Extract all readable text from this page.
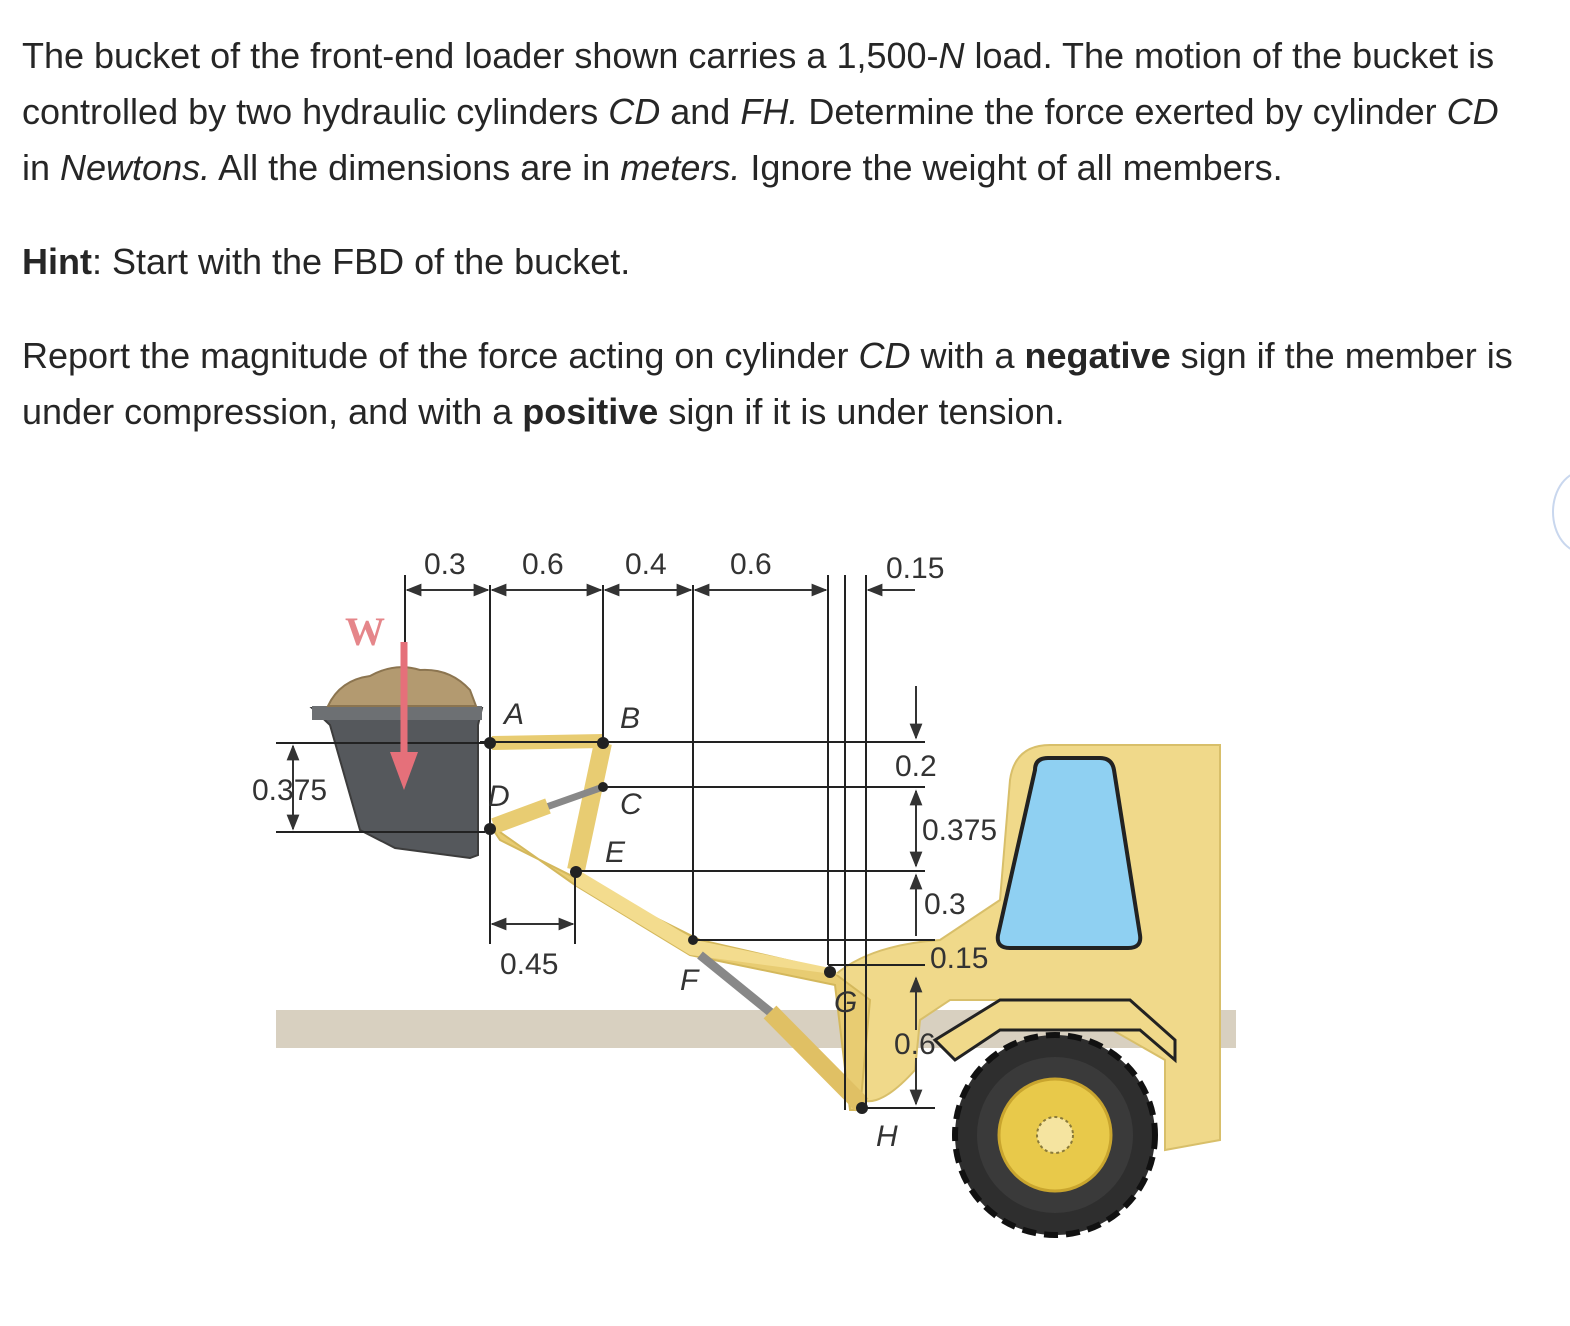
The bucket of the front-end loader shown carries a 1,500-N load. The motion of the bucket is controlled by two hydraulic cylinders CD and FH. Determine the force exerted by cylinder CD in Newtons. All the dimensions are in meters. Ignore the weight of all members.

Hint: Start with the FBD of the bucket.

Report the magnitude of the force acting on cylinder CD with a negative sign if the member is under compression, and with a positive sign if it is under tension.

W
A	B
C
D
E
F
G
H
0.3 0.6 0.4 0.6	0.15
0.375
0.45
0.2
0.375
0.3
0.15
0.6
